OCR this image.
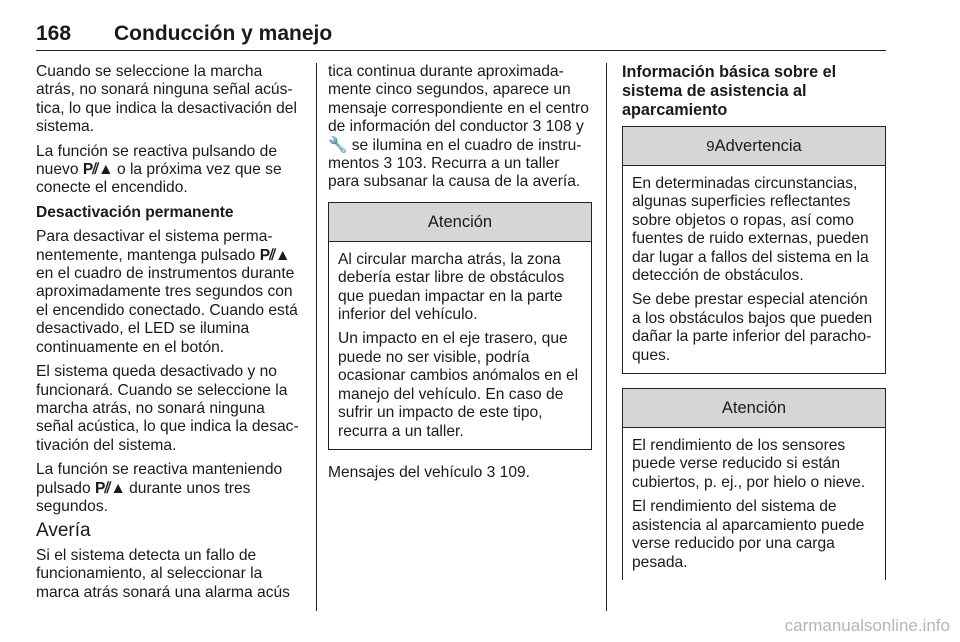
168 Conducción y manejo

Cuando se seleccione la marcha atrás, no sonará ninguna señal acústica, lo que indica la desactivación del sistema.

La función se reactiva pulsando de nuevo P⫽▲ o la próxima vez que se conecte el encendido.

Desactivación permanente

Para desactivar el sistema permanentemente, mantenga pulsado P⫽▲ en el cuadro de instrumentos durante aproximadamente tres segundos con el encendido conectado. Cuando está desactivado, el LED se ilumina continuamente en el botón.

El sistema queda desactivado y no funcionará. Cuando se seleccione la marcha atrás, no sonará ninguna señal acústica, lo que indica la desactivación del sistema.

La función se reactiva manteniendo pulsado P⫽▲ durante unos tres segundos.

Avería

Si el sistema detecta un fallo de funcionamiento, al seleccionar la marca atrás sonará una alarma acús

tica continua durante aproximadamente cinco segundos, aparece un mensaje correspondiente en el centro de información del conductor 3 108 y 🔧 se ilumina en el cuadro de instrumentos 3 103. Recurra a un taller para subsanar la causa de la avería.

Atención

Al circular marcha atrás, la zona debería estar libre de obstáculos que puedan impactar en la parte inferior del vehículo.

Un impacto en el eje trasero, que puede no ser visible, podría ocasionar cambios anómalos en el manejo del vehículo. En caso de sufrir un impacto de este tipo, recurra a un taller.

Mensajes del vehículo 3 109.

Información básica sobre el sistema de asistencia al aparcamiento

9Advertencia

En determinadas circunstancias, algunas superficies reflectantes sobre objetos o ropas, así como fuentes de ruido externas, pueden dar lugar a fallos del sistema en la detección de obstáculos.

Se debe prestar especial atención a los obstáculos bajos que pueden dañar la parte inferior del parachoques.

Atención

El rendimiento de los sensores puede verse reducido si están cubiertos, p. ej., por hielo o nieve.

El rendimiento del sistema de asistencia al aparcamiento puede verse reducido por una carga pesada.

carmanualsonline.info
